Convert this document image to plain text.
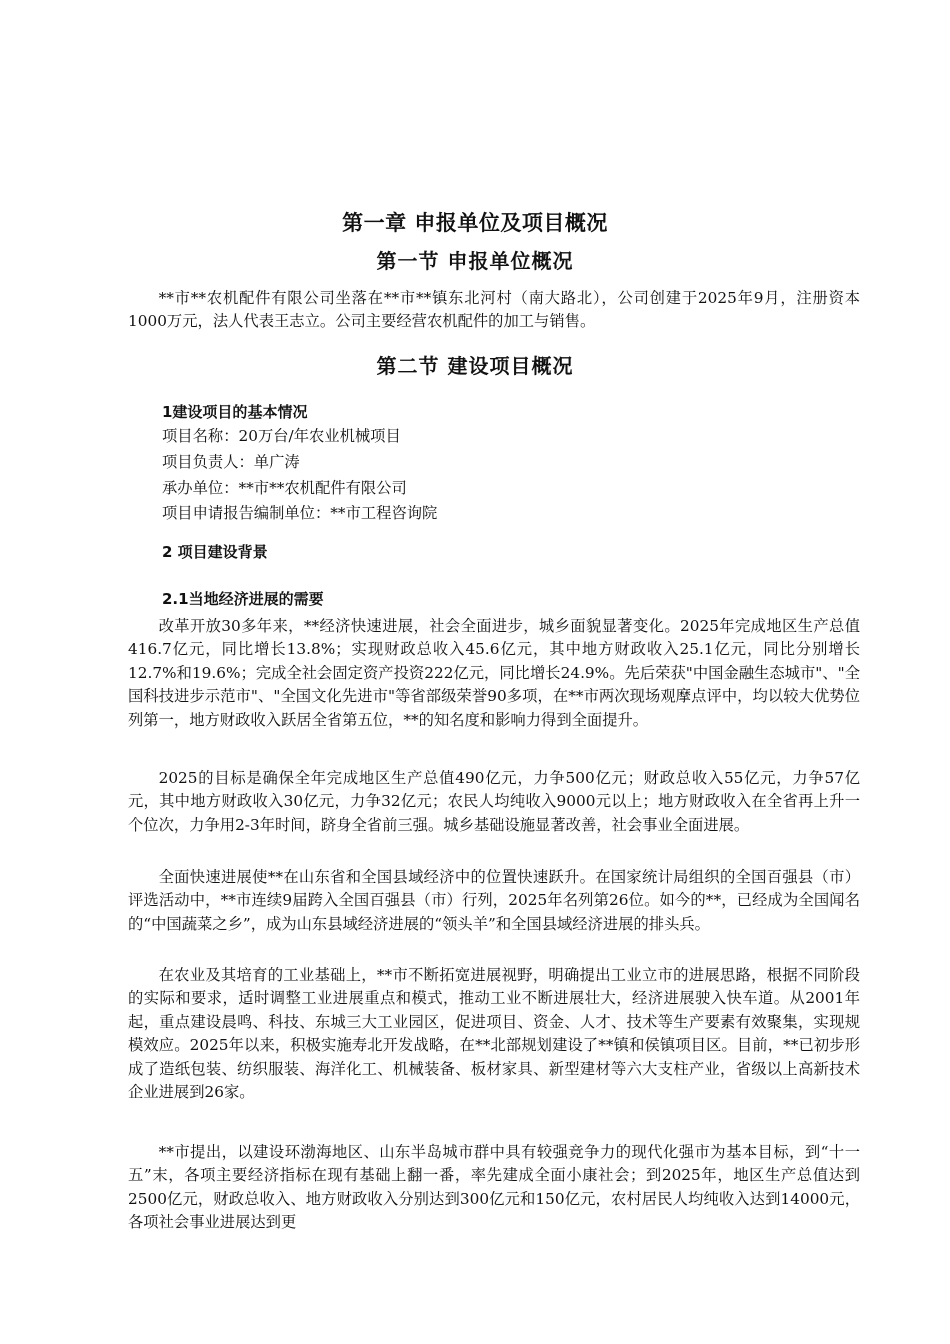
第一章 申报单位及项目概况
第一节 申报单位概况

**市**农机配件有限公司坐落在**市**镇东北河村（南大路北），公司创建于2025年9月，注册资本1000万元，法人代表王志立。公司主要经营农机配件的加工与销售。

第二节 建设项目概况

1建设项目的基本情况

项目名称：20万台/年农业机械项目

项目负责人：单广涛

承办单位：**市**农机配件有限公司

项目申请报告编制单位：**市工程咨询院

2 项目建设背景

2.1当地经济进展的需要

改革开放30多年来，**经济快速进展，社会全面进步，城乡面貌显著变化。2025年完成地区生产总值416.7亿元，同比增长13.8%；实现财政总收入45.6亿元，其中地方财政收入25.1亿元，同比分别增长12.7%和19.6%；完成全社会固定资产投资222亿元，同比增长24.9%。先后荣获"中国金融生态城市"、"全国科技进步示范市"、"全国文化先进市"等省部级荣誉90多项，在**市两次现场观摩点评中，均以较大优势位列第一，地方财政收入跃居全省第五位，**的知名度和影响力得到全面提升。

2025的目标是确保全年完成地区生产总值490亿元，力争500亿元；财政总收入55亿元，力争57亿元，其中地方财政收入30亿元，力争32亿元；农民人均纯收入9000元以上；地方财政收入在全省再上升一个位次，力争用2-3年时间，跻身全省前三强。城乡基础设施显著改善，社会事业全面进展。

全面快速进展使**在山东省和全国县域经济中的位置快速跃升。在国家统计局组织的全国百强县（市）评选活动中，**市连续9届跨入全国百强县（市）行列，2025年名列第26位。如今的**，已经成为全国闻名的“中国蔬菜之乡”，成为山东县域经济进展的“领头羊”和全国县域经济进展的排头兵。

在农业及其培育的工业基础上，**市不断拓宽进展视野，明确提出工业立市的进展思路，根据不同阶段的实际和要求，适时调整工业进展重点和模式，推动工业不断进展壮大，经济进展驶入快车道。从2001年起，重点建设晨鸣、科技、东城三大工业园区，促进项目、资金、人才、技术等生产要素有效聚集，实现规模效应。2025年以来，积极实施寿北开发战略，在**北部规划建设了**镇和侯镇项目区。目前，**已初步形成了造纸包装、纺织服装、海洋化工、机械装备、板材家具、新型建材等六大支柱产业，省级以上高新技术企业进展到26家。

**市提出，以建设环渤海地区、山东半岛城市群中具有较强竞争力的现代化强市为基本目标，到“十一五”末，各项主要经济指标在现有基础上翻一番，率先建成全面小康社会；到2025年，地区生产总值达到2500亿元，财政总收入、地方财政收入分别达到300亿元和150亿元，农村居民人均纯收入达到14000元，各项社会事业进展达到更
